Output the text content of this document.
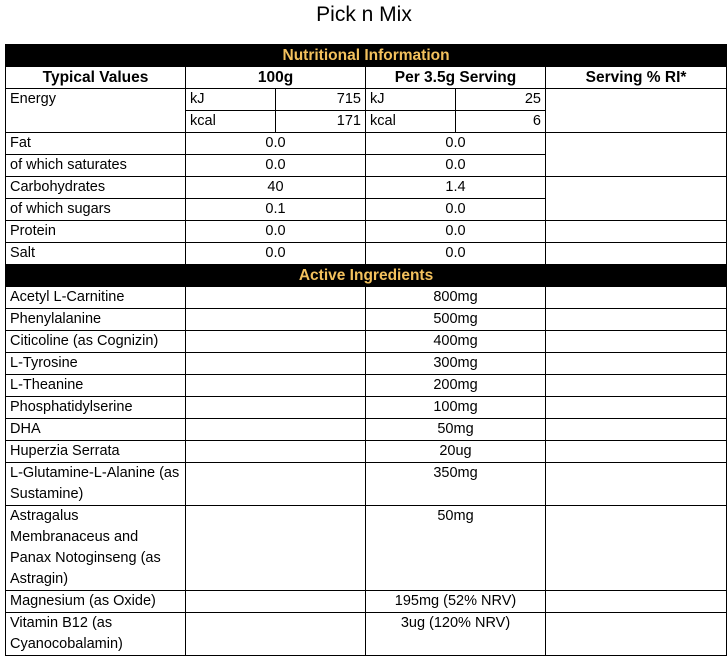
Pick n Mix
Nutritional Information					
Typical Values	100g		Per 3.5g Serving		Serving % RI*
Energy	kJ	715	kJ	25	
	kcal	171	kcal	6	
Fat	0.0		0.0		
of which saturates	0.0		0.0		
Carbohydrates	40		1.4		
of which sugars	0.1		0.0		
Protein	0.0		0.0		
Salt	0.0		0.0		
Active Ingredients					
Acetyl L-Carnitine			800mg		
Phenylalanine			500mg		
Citicoline (as Cognizin)			400mg		
L-Tyrosine			300mg		
L-Theanine			200mg		
Phosphatidylserine			100mg		
DHA			50mg		
Huperzia Serrata			20ug		
L-Glutamine-L-Alanine (as Sustamine)			350mg		
Astragalus Membranaceus and Panax Notoginseng (as Astragin)			50mg		
Magnesium (as Oxide)			195mg (52% NRV)		
Vitamin B12 (as Cyanocobalamin)			3ug (120% NRV)		
